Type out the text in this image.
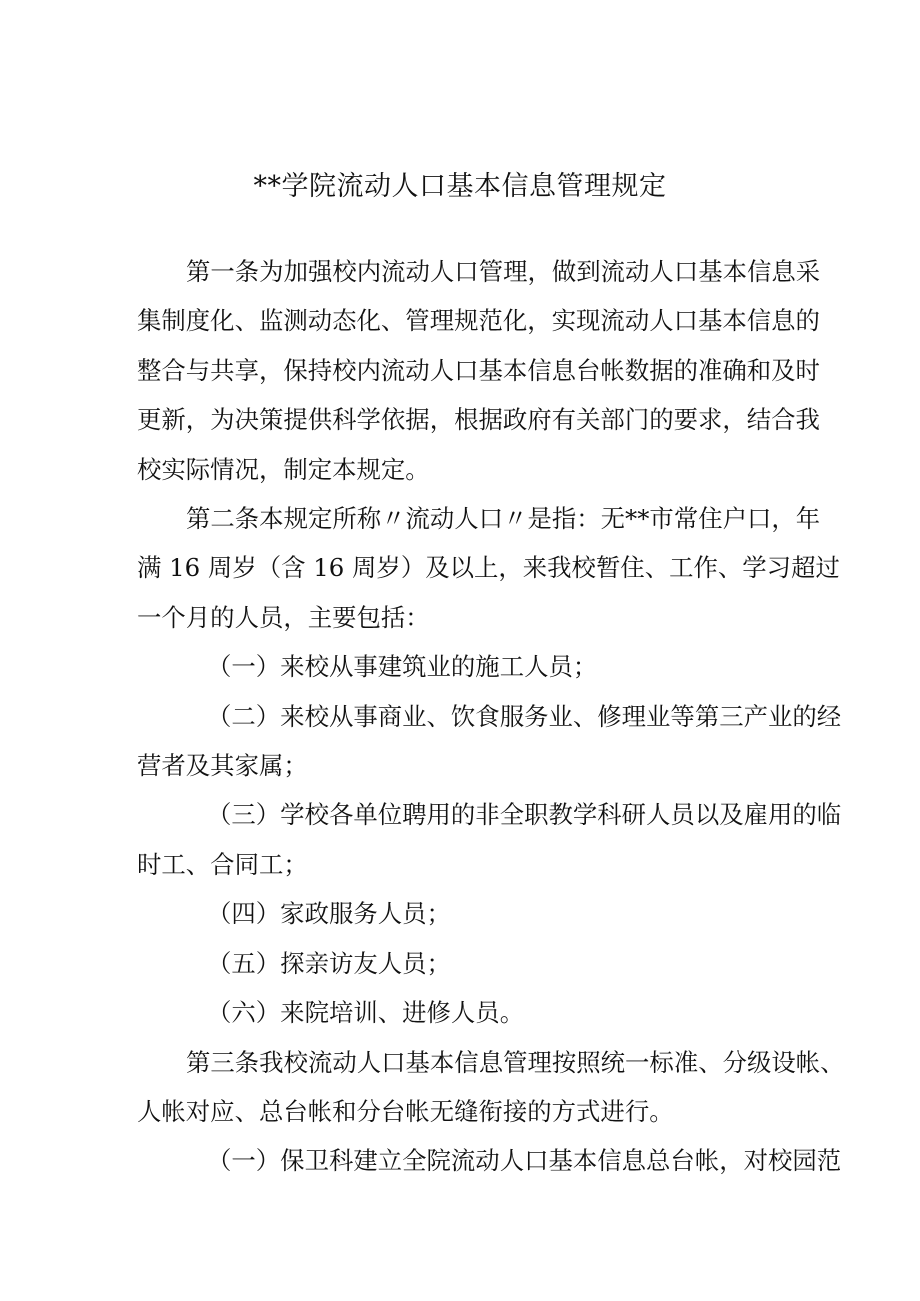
**学院流动人口基本信息管理规定
第一条为加强校内流动人口管理，做到流动人口基本信息采
集制度化、监测动态化、管理规范化，实现流动人口基本信息的
整合与共享，保持校内流动人口基本信息台帐数据的准确和及时
更新，为决策提供科学依据，根据政府有关部门的要求，结合我
校实际情况，制定本规定。
第二条本规定所称〃流动人口〃是指：无**市常住户口，年
满 16 周岁（含 16 周岁）及以上，来我校暂住、工作、学习超过
一个月的人员，主要包括：
（一）来校从事建筑业的施工人员；
（二）来校从事商业、饮食服务业、修理业等第三产业的经
营者及其家属；
（三）学校各单位聘用的非全职教学科研人员以及雇用的临
时工、合同工；
（四）家政服务人员；
（五）探亲访友人员；
（六）来院培训、进修人员。
第三条我校流动人口基本信息管理按照统一标准、分级设帐、
人帐对应、总台帐和分台帐无缝衔接的方式进行。
（一）保卫科建立全院流动人口基本信息总台帐，对校园范
